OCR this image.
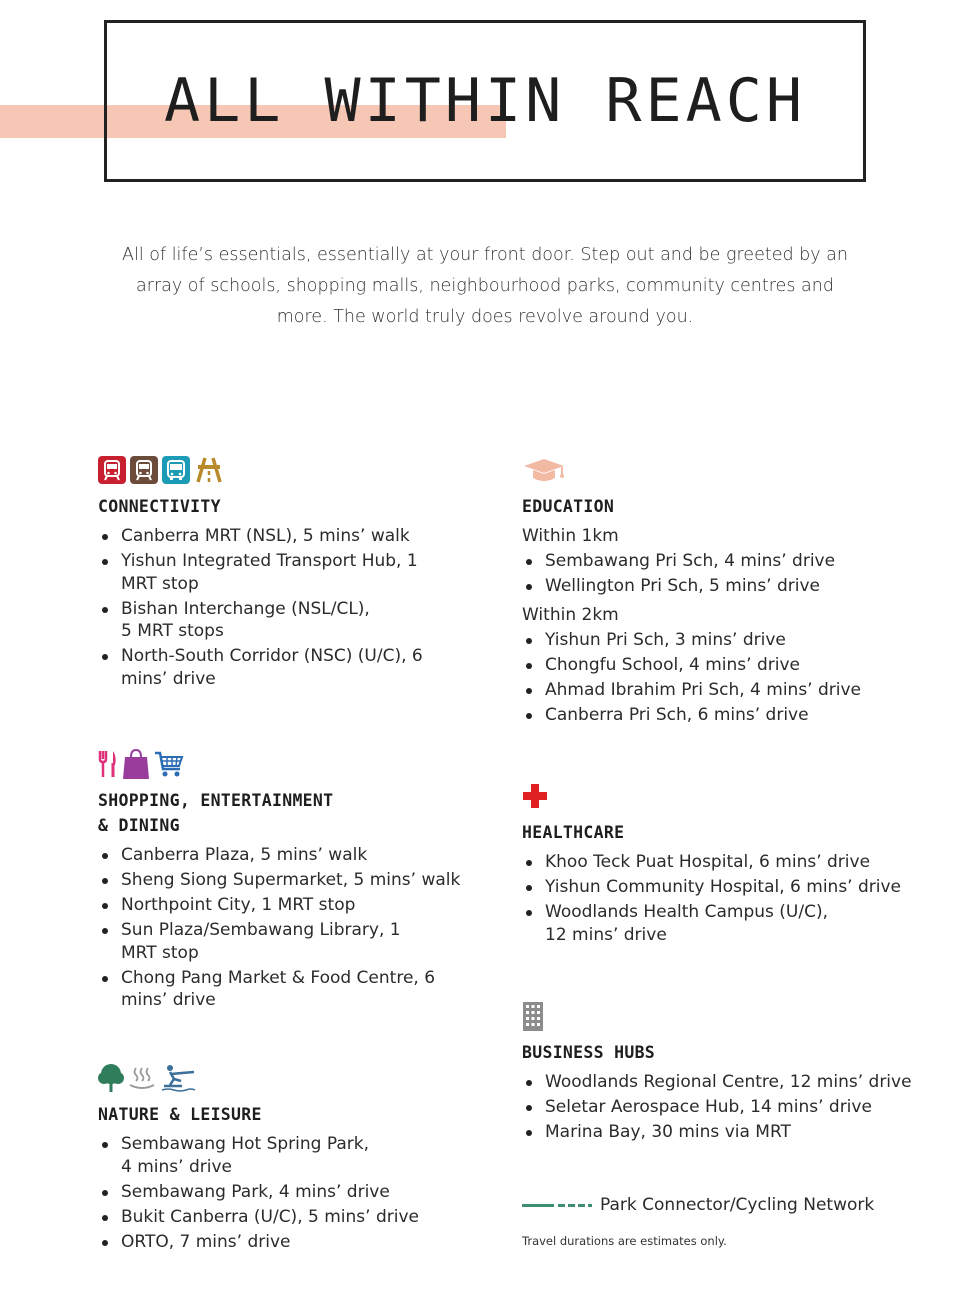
ALL WITHIN REACH
All of life’s essentials, essentially at your front door. Step out and be greeted by an array of schools, shopping malls, neighbourhood parks, community centres and more. The world truly does revolve around you.
CONNECTIVITY
Canberra MRT (NSL), 5 mins’ walk
Yishun Integrated Transport Hub, 1 MRT stop
Bishan Interchange (NSL/CL), 5 MRT stops
North-South Corridor (NSC) (U/C), 6 mins’ drive
EDUCATION
Within 1km
Sembawang Pri Sch, 4 mins’ drive
Wellington Pri Sch, 5 mins’ drive
Within 2km
Yishun Pri Sch, 3 mins’ drive
Chongfu School, 4 mins’ drive
Ahmad Ibrahim Pri Sch, 4 mins’ drive
Canberra Pri Sch, 6 mins’ drive
SHOPPING, ENTERTAINMENT
& DINING
Canberra Plaza, 5 mins’ walk
Sheng Siong Supermarket, 5 mins’ walk
Northpoint City, 1 MRT stop
Sun Plaza/Sembawang Library, 1 MRT stop
Chong Pang Market & Food Centre, 6 mins’ drive
HEALTHCARE
Khoo Teck Puat Hospital, 6 mins’ drive
Yishun Community Hospital, 6 mins’ drive
Woodlands Health Campus (U/C), 12 mins’ drive
BUSINESS HUBS
Woodlands Regional Centre, 12 mins’ drive
Seletar Aerospace Hub, 14 mins’ drive
Marina Bay, 30 mins via MRT
NATURE & LEISURE
Sembawang Hot Spring Park, 4 mins’ drive
Sembawang Park, 4 mins’ drive
Bukit Canberra (U/C), 5 mins’ drive
ORTO, 7 mins’ drive
Park Connector/Cycling Network
Travel durations are estimates only.
